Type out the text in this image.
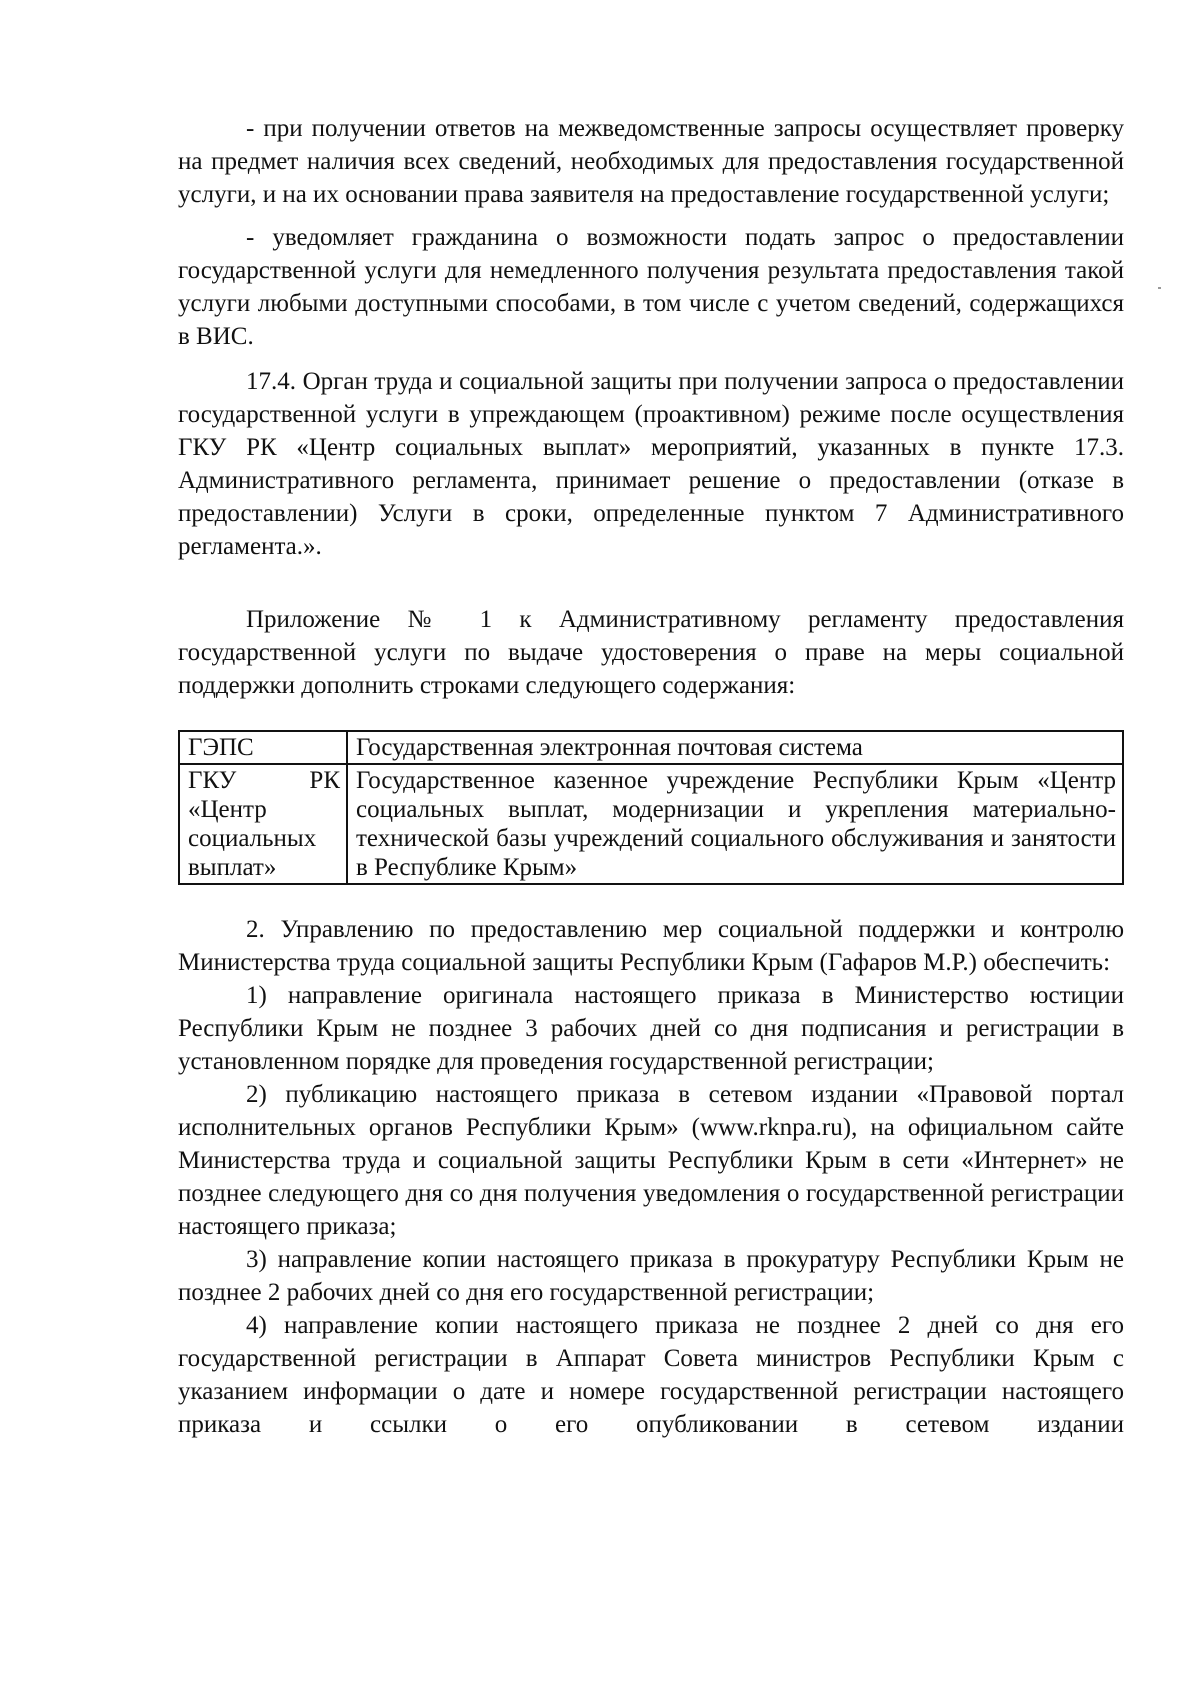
- при получении ответов на межведомственные запросы осуществляет проверку на предмет наличия всех сведений, необходимых для предоставления государственной услуги, и на их основании права заявителя на предоставление государственной услуги;

- уведомляет гражданина о возможности подать запрос о предоставлении государственной услуги для немедленного получения результата предоставления такой услуги любыми доступными способами, в том числе с учетом сведений, содержащихся в ВИС.

17.4. Орган труда и социальной защиты при получении запроса о предоставлении государственной услуги в упреждающем (проактивном) режиме после осуществления ГКУ РК «Центр социальных выплат» мероприятий, указанных в пункте 17.3. Административного регламента, принимает решение о предоставлении (отказе в предоставлении) Услуги в сроки, определенные пунктом 7 Административного регламента.».

Приложение № 1 к Административному регламенту предоставления государственной услуги по выдаче удостоверения о праве на меры социальной поддержки дополнить строками следующего содержания:

ГЭПС	Государственная электронная почтовая система
ГКУ РК «Центр социальных выплат»	Государственное казенное учреждение Республики Крым «Центр социальных выплат, модернизации и укрепления материально-технической базы учреждений социального обслуживания и занятости в Республике Крым»

2. Управлению по предоставлению мер социальной поддержки и контролю Министерства труда социальной защиты Республики Крым (Гафаров М.Р.) обеспечить:

1) направление оригинала настоящего приказа в Министерство юстиции Республики Крым не позднее 3 рабочих дней со дня подписания и регистрации в установленном порядке для проведения государственной регистрации;

2) публикацию настоящего приказа в сетевом издании «Правовой портал исполнительных органов Республики Крым» (www.rknpa.ru), на официальном сайте Министерства труда и социальной защиты Республики Крым в сети «Интернет» не позднее следующего дня со дня получения уведомления о государственной регистрации настоящего приказа;

3) направление копии настоящего приказа в прокуратуру Республики Крым не позднее 2 рабочих дней со дня его государственной регистрации;

4) направление копии настоящего приказа не позднее 2 дней со дня его государственной регистрации в Аппарат Совета министров Республики Крым с указанием информации о дате и номере государственной регистрации настоящего приказа и ссылки о его опубликовании в сетевом издании
